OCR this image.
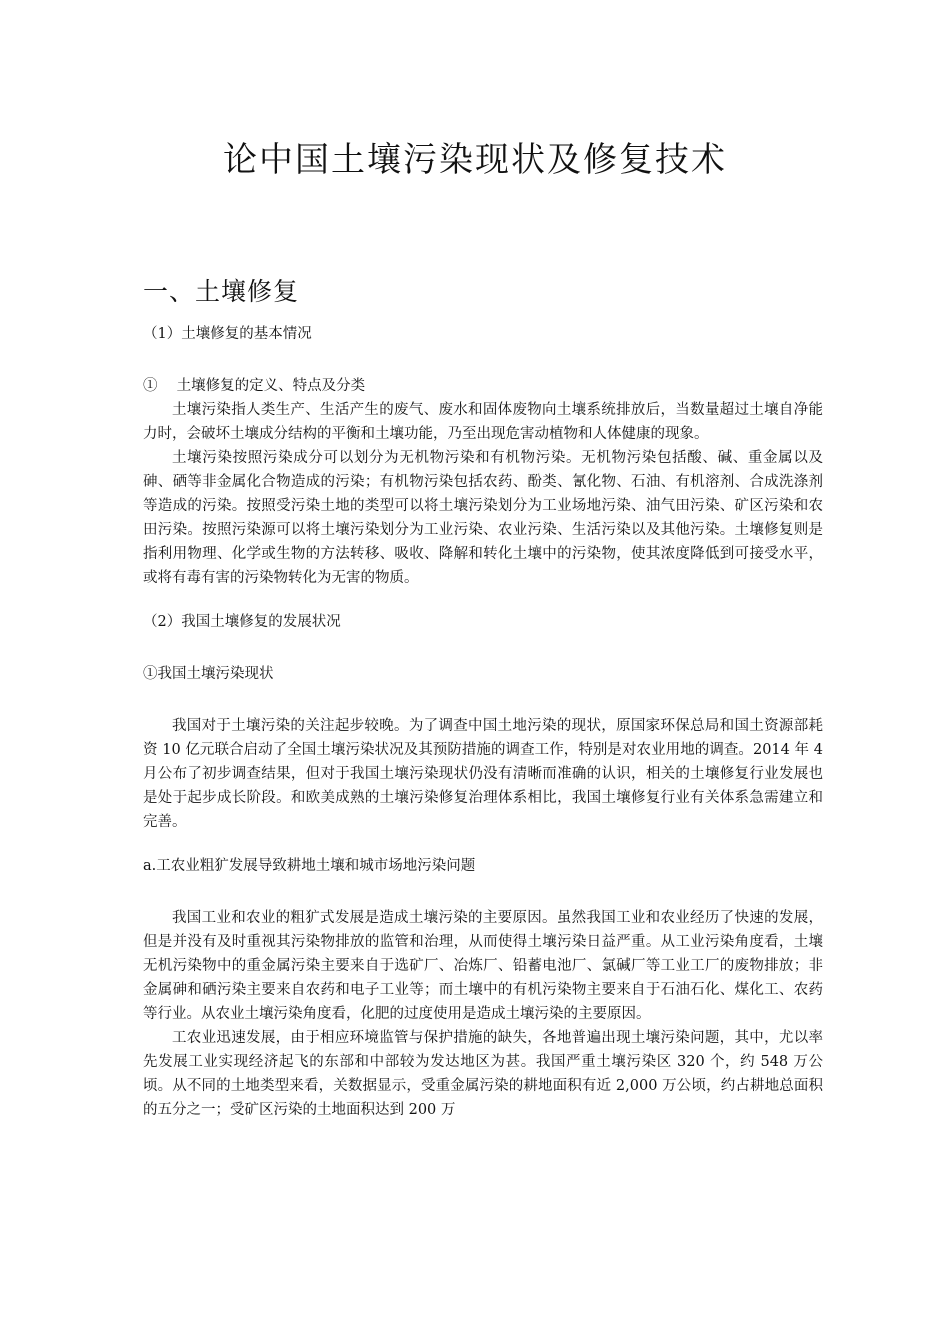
论中国土壤污染现状及修复技术
一、土壤修复
（1）土壤修复的基本情况
①　 土壤修复的定义、特点及分类

土壤污染指人类生产、生活产生的废气、废水和固体废物向土壤系统排放后，当数量超过土壤自净能力时，会破坏土壤成分结构的平衡和土壤功能，乃至出现危害动植物和人体健康的现象。

土壤污染按照污染成分可以划分为无机物污染和有机物污染。无机物污染包括酸、碱、重金属以及砷、硒等非金属化合物造成的污染；有机物污染包括农药、酚类、氰化物、石油、有机溶剂、合成洗涤剂等造成的污染。按照受污染土地的类型可以将土壤污染划分为工业场地污染、油气田污染、矿区污染和农田污染。按照污染源可以将土壤污染划分为工业污染、农业污染、生活污染以及其他污染。土壤修复则是指利用物理、化学或生物的方法转移、吸收、降解和转化土壤中的污染物，使其浓度降低到可接受水平，或将有毒有害的污染物转化为无害的物质。

（2）我国土壤修复的发展状况
①我国土壤污染现状

我国对于土壤污染的关注起步较晚。为了调查中国土地污染的现状，原国家环保总局和国土资源部耗资 10 亿元联合启动了全国土壤污染状况及其预防措施的调查工作，特别是对农业用地的调查。2014 年 4 月公布了初步调查结果，但对于我国土壤污染现状仍没有清晰而准确的认识，相关的土壤修复行业发展也是处于起步成长阶段。和欧美成熟的土壤污染修复治理体系相比，我国土壤修复行业有关体系急需建立和完善。

a.工农业粗犷发展导致耕地土壤和城市场地污染问题

我国工业和农业的粗犷式发展是造成土壤污染的主要原因。虽然我国工业和农业经历了快速的发展，但是并没有及时重视其污染物排放的监管和治理，从而使得土壤污染日益严重。从工业污染角度看，土壤无机污染物中的重金属污染主要来自于选矿厂、冶炼厂、铅蓄电池厂、氯碱厂等工业工厂的废物排放；非金属砷和硒污染主要来自农药和电子工业等；而土壤中的有机污染物主要来自于石油石化、煤化工、农药等行业。从农业土壤污染角度看，化肥的过度使用是造成土壤污染的主要原因。

工农业迅速发展，由于相应环境监管与保护措施的缺失，各地普遍出现土壤污染问题，其中，尤以率先发展工业实现经济起飞的东部和中部较为发达地区为甚。我国严重土壤污染区 320 个，约 548 万公顷。从不同的土地类型来看，关数据显示，受重金属污染的耕地面积有近 2,000 万公顷，约占耕地总面积的五分之一；受矿区污染的土地面积达到 200 万
